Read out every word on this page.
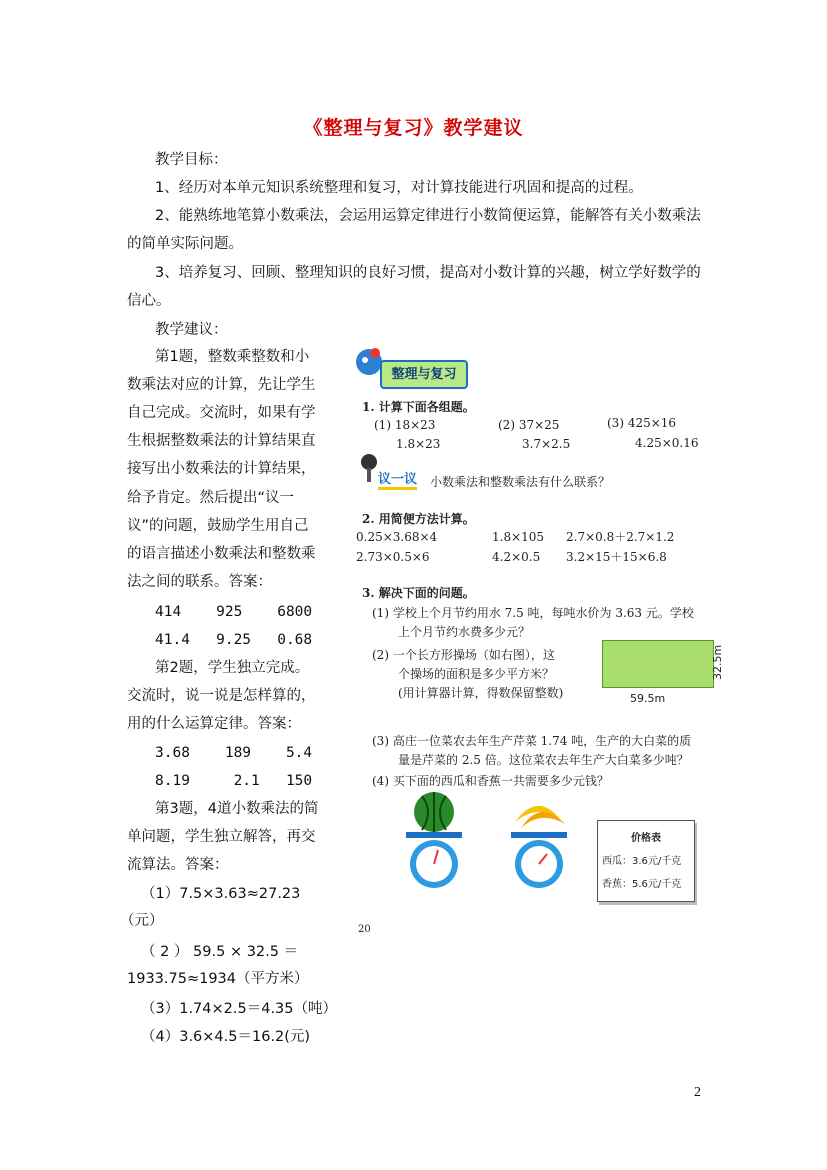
《整理与复习》教学建议
教学目标：
1、经历对本单元知识系统整理和复习，对计算技能进行巩固和提高的过程。
2、能熟练地笔算小数乘法，会运用运算定律进行小数简便运算，能解答有关小数乘法
的简单实际问题。
3、培养复习、回顾、整理知识的良好习惯，提高对小数计算的兴趣，树立学好数学的
信心。
教学建议：
第1题，整数乘整数和小
数乘法对应的计算，先让学生
自己完成。交流时，如果有学
生根据整数乘法的计算结果直
接写出小数乘法的计算结果，
给予肯定。然后提出“议一
议”的问题，鼓励学生用自己
的语言描述小数乘法和整数乘
法之间的联系。答案：
414    925    6800
41.4   9.25   0.68
第2题，学生独立完成。
交流时，说一说是怎样算的，
用的什么运算定律。答案：
3.68    189    5.4
8.19     2.1   150
第3题，4道小数乘法的简
单问题，学生独立解答，再交
流算法。答案：
（1）7.5×3.63≈27.23
（元）
（ 2 ） 59.5 × 32.5 ＝
1933.75≈1934（平方米）
（3）1.74×2.5＝4.35（吨）
（4）3.6×4.5＝16.2(元)
整理与复习
1. 计算下面各组题。
(1) 18×23	(2) 37×25	(3) 425×16
1.8×23	3.7×2.5	4.25×0.16
议一议 小数乘法和整数乘法有什么联系？
2. 用简便方法计算。
0.25×3.68×4	1.8×105 2.7×0.8＋2.7×1.2
2.73×0.5×6	4.2×0.5 3.2×15＋15×6.8
3. 解决下面的问题。
(1) 学校上个月节约用水 7.5 吨，每吨水价为 3.63 元。学校
上个月节约水费多少元？
(2) 一个长方形操场（如右图），这
个操场的面积是多少平方米？
(用计算器计算，得数保留整数)	59.5m
32.5m
(3) 高庄一位菜农去年生产芹菜 1.74 吨，生产的大白菜的质
量是芹菜的 2.5 倍。这位菜农去年生产大白菜多少吨？
(4) 买下面的西瓜和香蕉一共需要多少元钱？
价格表
西瓜：3.6元/千克
香蕉：5.6元/千克
20
2
